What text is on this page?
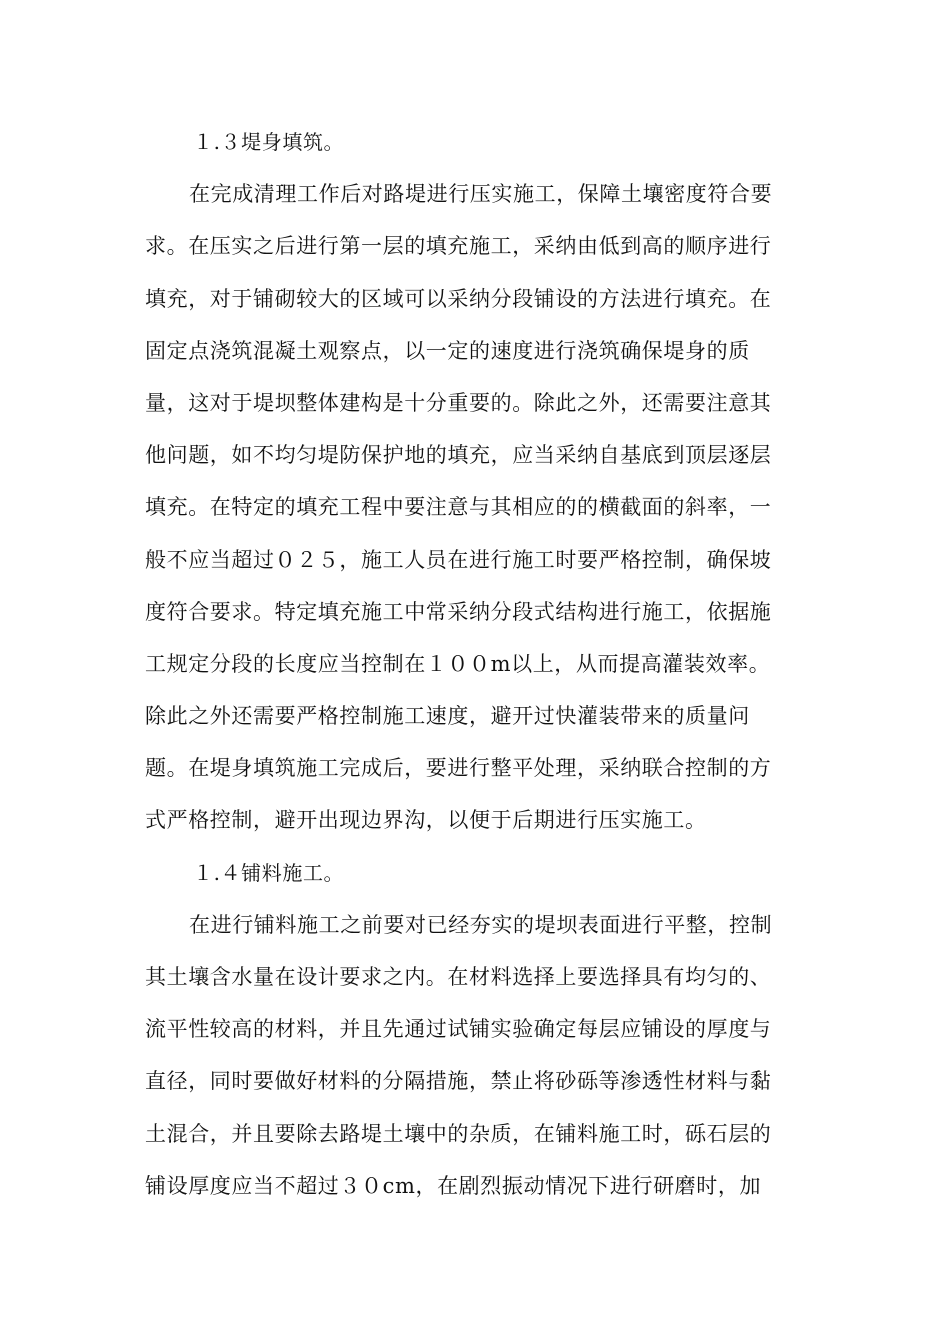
１.３堤身填筑。
在完成清理工作后对路堤进行压实施工，保障土壤密度符合要
求。在压实之后进行第一层的填充施工，采纳由低到高的顺序进行
填充，对于铺砌较大的区域可以采纳分段铺设的方法进行填充。在
固定点浇筑混凝土观察点，以一定的速度进行浇筑确保堤身的质
量，这对于堤坝整体建构是十分重要的。除此之外，还需要注意其
他问题，如不均匀堤防保护地的填充，应当采纳自基底到顶层逐层
填充。在特定的填充工程中要注意与其相应的的横截面的斜率，一
般不应当超过０２５，施工人员在进行施工时要严格控制，确保坡
度符合要求。特定填充施工中常采纳分段式结构进行施工，依据施
工规定分段的长度应当控制在１００m以上，从而提高灌装效率。
除此之外还需要严格控制施工速度，避开过快灌装带来的质量问
题。在堤身填筑施工完成后，要进行整平处理，采纳联合控制的方
式严格控制，避开出现边界沟，以便于后期进行压实施工。
１.４铺料施工。
在进行铺料施工之前要对已经夯实的堤坝表面进行平整，控制
其土壤含水量在设计要求之内。在材料选择上要选择具有均匀的、
流平性较高的材料，并且先通过试铺实验确定每层应铺设的厚度与
直径，同时要做好材料的分隔措施，禁止将砂砾等渗透性材料与黏
土混合，并且要除去路堤土壤中的杂质，在铺料施工时，砾石层的
铺设厚度应当不超过３０cm，在剧烈振动情况下进行研磨时，加
